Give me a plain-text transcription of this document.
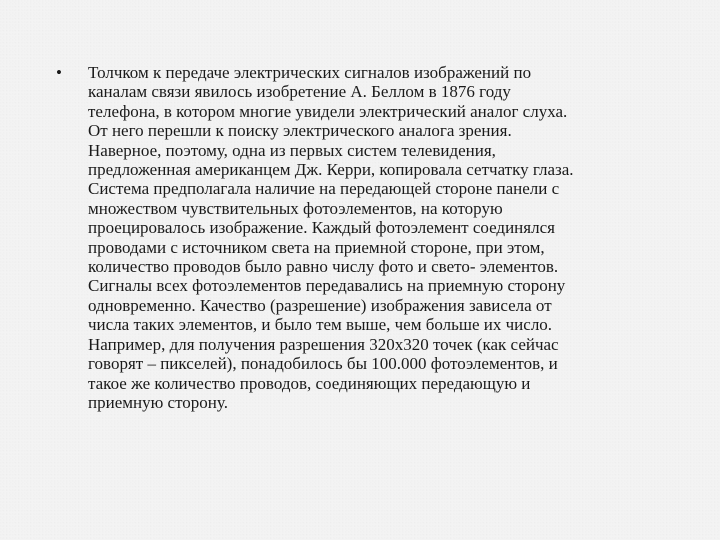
• Толчком к передаче электрических сигналов изображений по
каналам связи явилось изобретение А. Беллом в 1876 году
телефона, в котором многие увидели электрический аналог слуха.
От него перешли к поиску электрического аналога зрения.
Наверное, поэтому, одна из первых систем телевидения,
предложенная американцем Дж. Керри, копировала сетчатку глаза.
Система предполагала наличие на передающей стороне панели с
множеством чувствительных фотоэлементов, на которую
проецировалось изображение. Каждый фотоэлемент соединялся
проводами с источником света на приемной стороне, при этом,
количество проводов было равно числу фото и свето- элементов.
Сигналы всех фотоэлементов передавались на приемную сторону
одновременно. Качество (разрешение) изображения зависела от
числа таких элементов, и было тем выше, чем больше их число.
Например, для получения разрешения 320х320 точек (как сейчас
говорят – пикселей), понадобилось бы 100.000 фотоэлементов, и
такое же количество проводов, соединяющих передающую и
приемную сторону.
